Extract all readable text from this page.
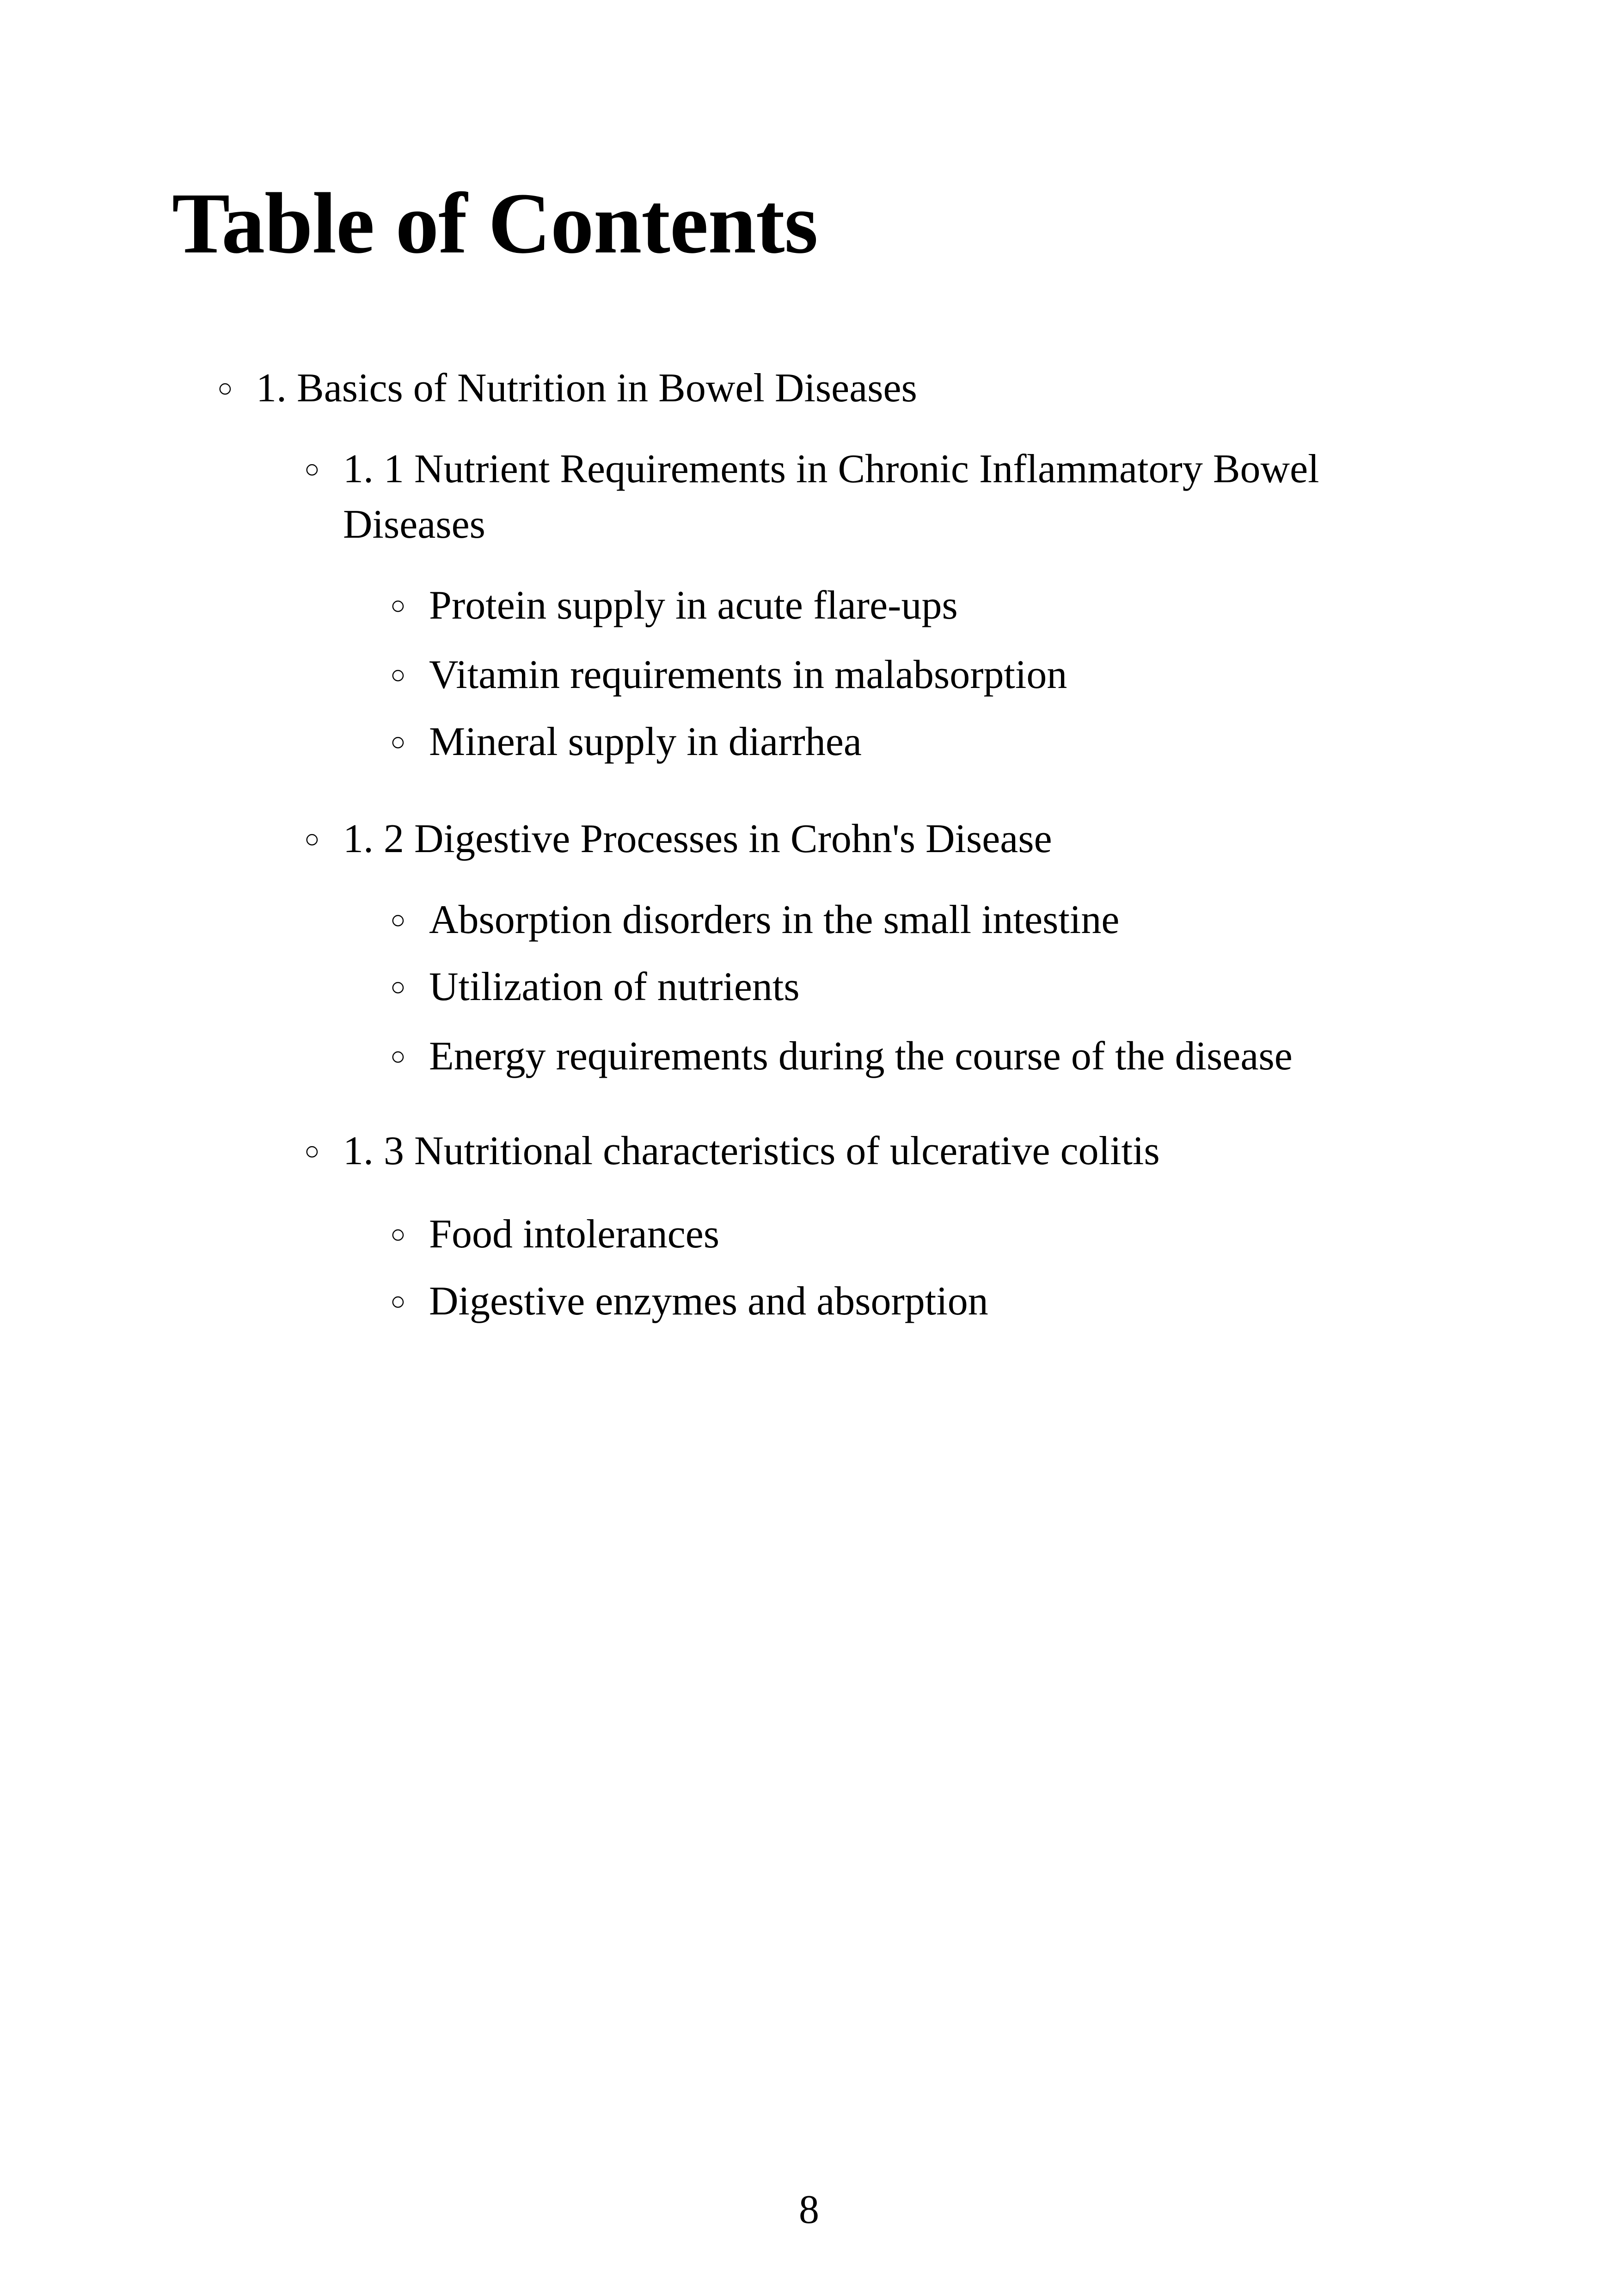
Table of Contents
○ 1. Basics of Nutrition in Bowel Diseases
○ 1. 1 Nutrient Requirements in Chronic Inflammatory Bowel Diseases
○ Protein supply in acute flare-ups
○ Vitamin requirements in malabsorption
○ Mineral supply in diarrhea
○ 1. 2 Digestive Processes in Crohn's Disease
○ Absorption disorders in the small intestine
○ Utilization of nutrients
○ Energy requirements during the course of the disease
○ 1. 3 Nutritional characteristics of ulcerative colitis
○ Food intolerances
○ Digestive enzymes and absorption
8
